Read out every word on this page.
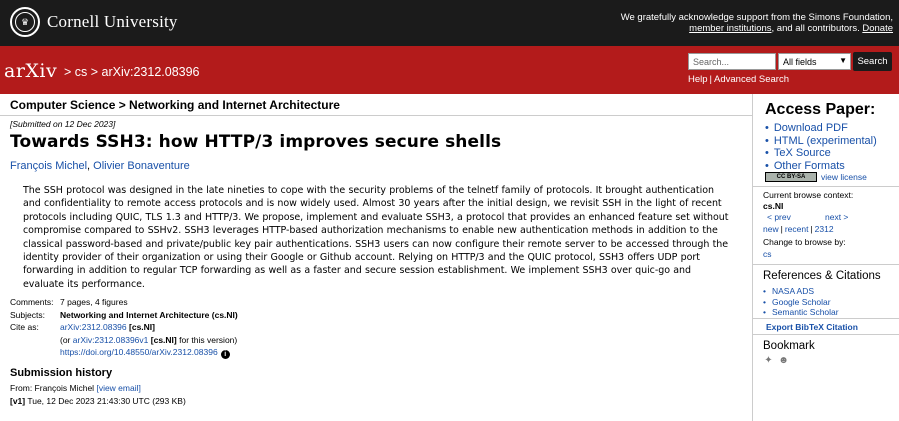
♛	Cornell University	We gratefully acknowledge support from the Simons Foundation,
member institutions, and all contributors. Donate
arXiv > cs > arXiv:2312.08396
Search...	All fields	▼	Search
Help | Advanced Search
Computer Science > Networking and Internet Architecture
[Submitted on 12 Dec 2023]
Towards SSH3: how HTTP/3 improves secure shells
François Michel, Olivier Bonaventure
The SSH protocol was designed in the late nineties to cope with the security problems of the telnetf family of protocols. It brought authentication and confidentiality to remote access protocols and is now widely used. Almost 30 years after the initial design, we revisit SSH in the light of recent protocols including QUIC, TLS 1.3 and HTTP/3. We propose, implement and evaluate SSH3, a protocol that provides an enhanced feature set without compromise compared to SSHv2. SSH3 leverages HTTP-based authorization mechanisms to enable new authentication methods in addition to the classical password-based and private/public key pair authentications. SSH3 users can now configure their remote server to be accessed through the identity provider of their organization or using their Google or Github account. Relying on HTTP/3 and the QUIC protocol, SSH3 offers UDP port forwarding in addition to regular TCP forwarding as well as a faster and secure session establishment. We implement SSH3 over quic-go and evaluate its performance.
Comments: 7 pages, 4 figures
Subjects:	Networking and Internet Architecture (cs.NI)
Cite as:	arXiv:2312.08396 [cs.NI]
(or arXiv:2312.08396v1 [cs.NI] for this version)
https://doi.org/10.48550/arXiv.2312.08396 i
Submission history
From: François Michel [view email]
[v1] Tue, 12 Dec 2023 21:43:30 UTC (293 KB)
Access Paper:
• Download PDF
• HTML (experimental)
• TeX Source
• Other Formats
CC BY-SA	view license
Current browse context:
cs.NI
< prev	next >
new | recent | 2312
Change to browse by:
cs
References & Citations
• NASA ADS
• Google Scholar
• Semantic Scholar
Export BibTeX Citation
Bookmark
✦ ☻
